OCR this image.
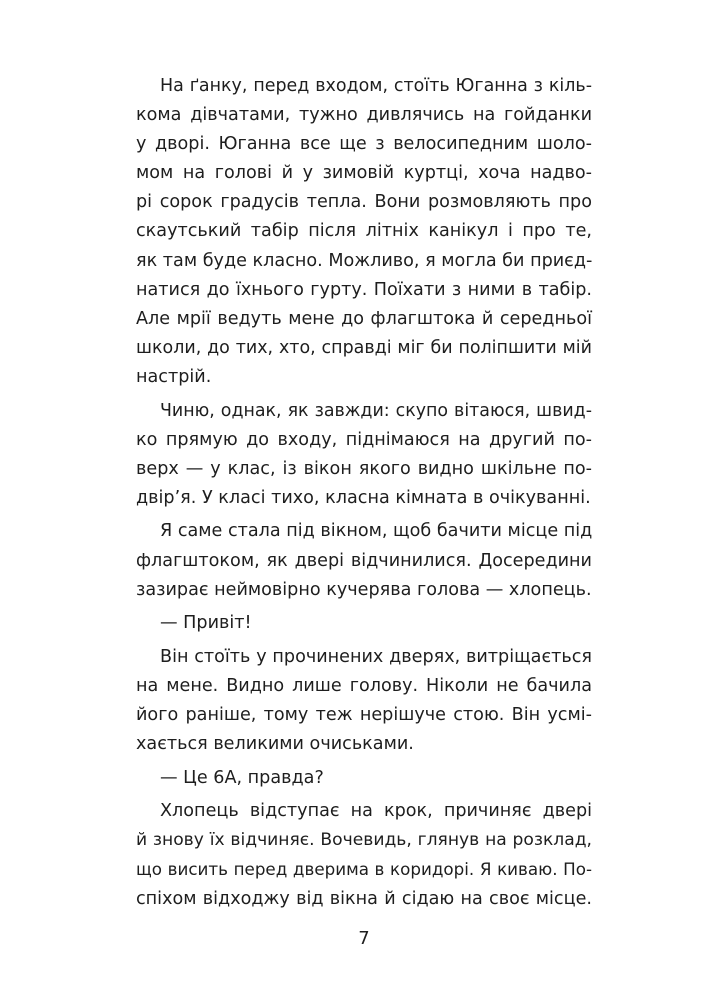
На ґанку, перед входом, стоїть Юганна з кіль-
кома дівчатами, тужно дивлячись на гойданки
у дворі. Юганна все ще з велосипедним шоло-
мом на голові й у зимовій куртці, хоча надво-
рі сорок градусів тепла. Вони розмовляють про
скаутський табір після літніх канікул і про те,
як там буде класно. Можливо, я могла би приєд-
натися до їхнього гурту. Поїхати з ними в табір.
Але мрії ведуть мене до флагштока й середньої
школи, до тих, хто, справді міг би поліпшити мій
настрій.
Чиню, однак, як завжди: скупо вітаюся, швид-
ко прямую до входу, піднімаюся на другий по-
верх — у клас, із вікон якого видно шкільне по-
двір’я. У класі тихо, класна кімната в очікуванні.
Я саме стала під вікном, щоб бачити місце під
флагштоком, як двері відчинилися. Досередини
зазирає неймовірно кучерява голова — хлопець.
— Привіт!
Він стоїть у прочинених дверях, витріщається
на мене. Видно лише голову. Ніколи не бачила
його раніше, тому теж нерішуче стою. Він усмі-
хається великими очиськами.
— Це 6А, правда?
Хлопець відступає на крок, причиняє двері
й знову їх відчиняє. Вочевидь, глянув на розклад,
що висить перед дверима в коридорі. Я киваю. По-
спіхом відходжу від вікна й сідаю на своє місце.
7
